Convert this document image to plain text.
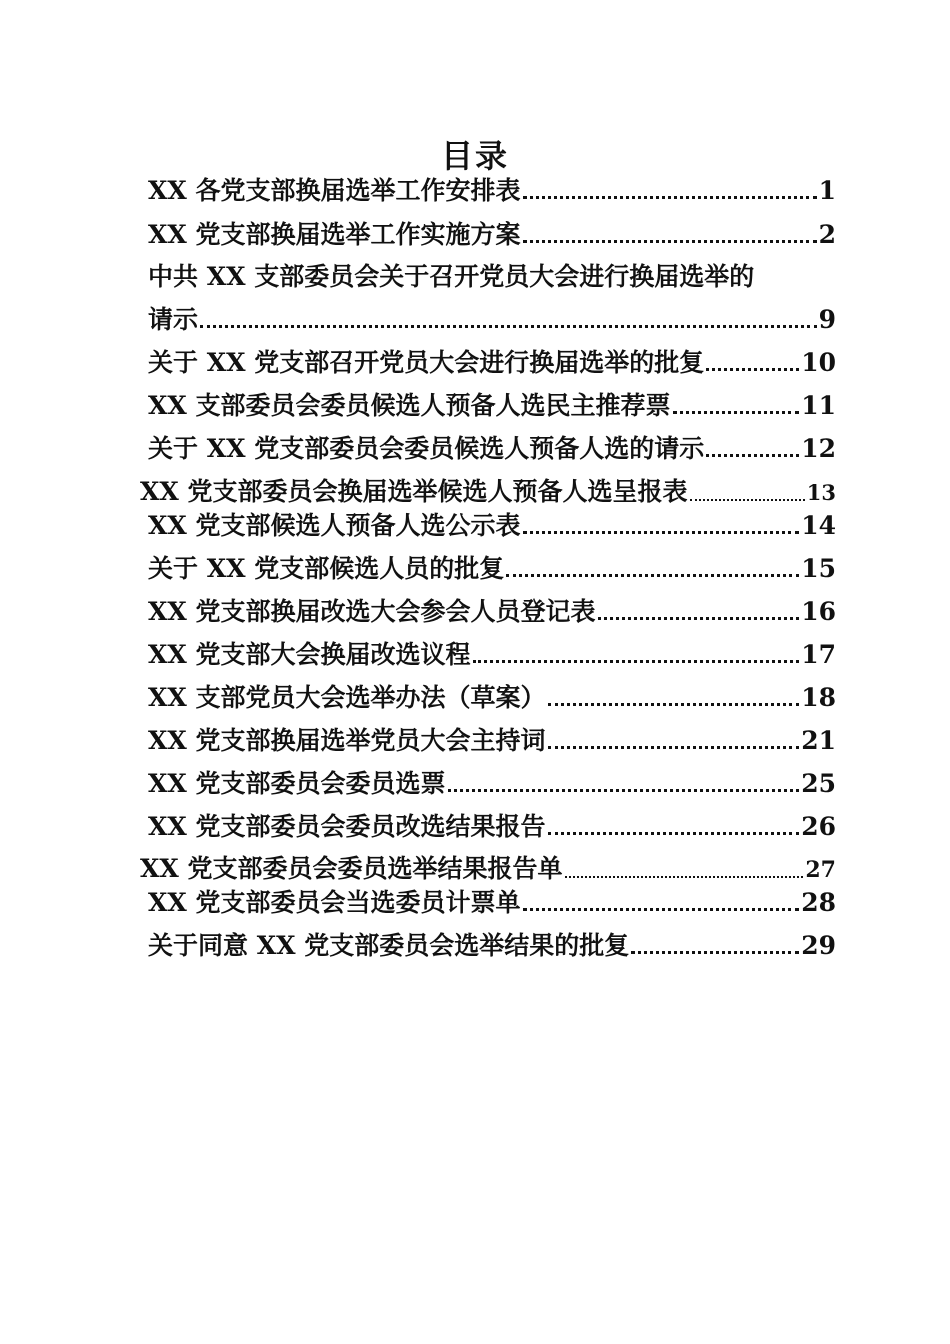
目录
XX 各党支部换届选举工作安排表	1
XX 党支部换届选举工作实施方案	2
中共 XX 支部委员会关于召开党员大会进行换届选举的
请示	9
关于 XX 党支部召开党员大会进行换届选举的批复	10
XX 支部委员会委员候选人预备人选民主推荐票	11
关于 XX 党支部委员会委员候选人预备人选的请示	12
XX 党支部委员会换届选举候选人预备人选呈报表	13
XX 党支部候选人预备人选公示表	14
关于 XX 党支部候选人员的批复	15
XX 党支部换届改选大会参会人员登记表	16
XX 党支部大会换届改选议程	17
XX 支部党员大会选举办法（草案）	18
XX 党支部换届选举党员大会主持词	21
XX 党支部委员会委员选票	25
XX 党支部委员会委员改选结果报告	26
XX 党支部委员会委员选举结果报告单	27
XX 党支部委员会当选委员计票单	28
关于同意 XX 党支部委员会选举结果的批复	29
